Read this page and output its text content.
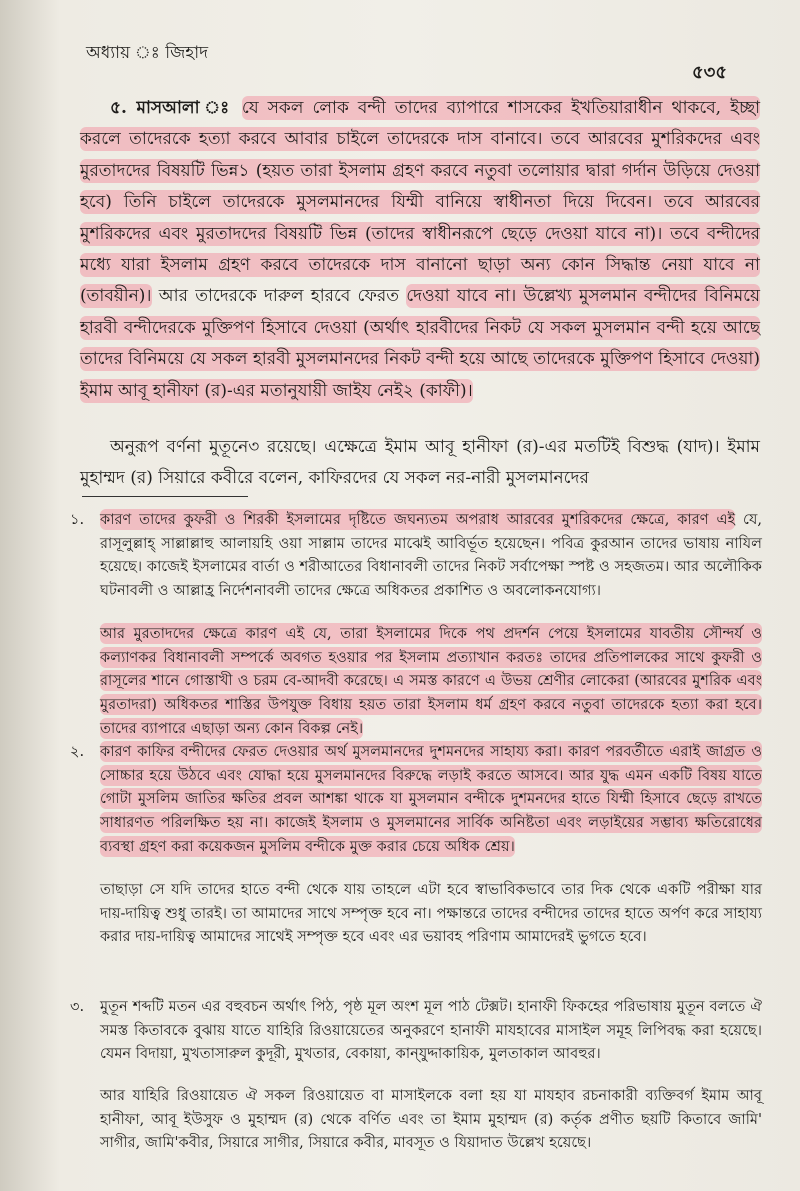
অধ্যায় ঃ জিহাদ
৫৩৫
৫. মাসআলা ঃ যে সকল লোক বন্দী তাদের ব্যাপারে শাসকের ইখতিয়ারাধীন থাকবে, ইচ্ছা করলে তাদেরকে হত্যা করবে আবার চাইলে তাদেরকে দাস বানাবে। তবে আরবের মুশরিকদের এবং মুরতাদদের বিষয়টি ভিন্ন১ (হয়ত তারা ইসলাম গ্রহণ করবে নতুবা তলোয়ার দ্বারা গর্দান উড়িয়ে দেওয়া হবে) তিনি চাইলে তাদেরকে মুসলমানদের যিম্মী বানিয়ে স্বাধীনতা দিয়ে দিবেন। তবে আরবের মুশরিকদের এবং মুরতাদদের বিষয়টি ভিন্ন (তাদের স্বাধীনরূপে ছেড়ে দেওয়া যাবে না)। তবে বন্দীদের মধ্যে যারা ইসলাম গ্রহণ করবে তাদেরকে দাস বানানো ছাড়া অন্য কোন সিদ্ধান্ত নেয়া যাবে না (তাবয়ীন)। আর তাদেরকে দারুল হারবে ফেরত দেওয়া যাবে না। উল্লেখ্য মুসলমান বন্দীদের বিনিময়ে হারবী বন্দীদেরকে মুক্তিপণ হিসাবে দেওয়া (অর্থাৎ হারবীদের নিকট যে সকল মুসলমান বন্দী হয়ে আছে তাদের বিনিময়ে যে সকল হারবী মুসলমানদের নিকট বন্দী হয়ে আছে তাদেরকে মুক্তিপণ হিসাবে দেওয়া) ইমাম আবূ হানীফা (র)-এর মতানুযায়ী জাইয নেই২ (কাফী)।
অনুরূপ বর্ণনা মুতূনে৩ রয়েছে। এক্ষেত্রে ইমাম আবূ হানীফা (র)-এর মতটিই বিশুদ্ধ (যাদ)। ইমাম মুহাম্মদ (র) সিয়ারে কবীরে বলেন, কাফিরদের যে সকল নর-নারী মুসলমানদের
১. কারণ তাদের কুফরী ও শিরকী ইসলামের দৃষ্টিতে জঘন্যতম অপরাধ আরবের মুশরিকদের ক্ষেত্রে, কারণ এই যে, রাসূলুল্লাহ্ সাল্লাল্লাহু আলায়হি ওয়া সাল্লাম তাদের মাঝেই আবির্ভূত হয়েছেন। পবিত্র কুরআন তাদের ভাষায় নাযিল হয়েছে। কাজেই ইসলামের বার্তা ও শরীআতের বিধানাবলী তাদের নিকট সর্বাপেক্ষা স্পষ্ট ও সহজতম। আর অলৌকিক ঘটনাবলী ও আল্লাহ্র নির্দেশনাবলী তাদের ক্ষেত্রে অধিকতর প্রকাশিত ও অবলোকনযোগ্য।
আর মুরতাদদের ক্ষেত্রে কারণ এই যে, তারা ইসলামের দিকে পথ প্রদর্শন পেয়ে ইসলামের যাবতীয় সৌন্দর্য ও কল্যাণকর বিধানাবলী সম্পর্কে অবগত হওয়ার পর ইসলাম প্রত্যাখান করতঃ তাদের প্রতিপালকের সাথে কুফরী ও রাসূলের শানে গোস্তাখী ও চরম বে-আদবী করেছে। এ সমস্ত কারণে এ উভয় শ্রেণীর লোকেরা (আরবের মুশরিক এবং মুরতাদরা) অধিকতর শাস্তির উপযুক্ত বিধায় হয়ত তারা ইসলাম ধর্ম গ্রহণ করবে নতুবা তাদেরকে হত্যা করা হবে। তাদের ব্যাপারে এছাড়া অন্য কোন বিকল্প নেই।
২. কারণ কাফির বন্দীদের ফেরত দেওয়ার অর্থ মুসলমানদের দুশমনদের সাহায্য করা। কারণ পরবর্তীতে এরাই জাগ্রত ও সোচ্চার হয়ে উঠবে এবং যোদ্ধা হয়ে মুসলমানদের বিরুদ্ধে লড়াই করতে আসবে। আর যুদ্ধ এমন একটি বিষয় যাতে গোটা মুসলিম জাতির ক্ষতির প্রবল আশঙ্কা থাকে যা মুসলমান বন্দীকে দুশমনদের হাতে যিম্মী হিসাবে ছেড়ে রাখতে সাধারণত পরিলক্ষিত হয় না। কাজেই ইসলাম ও মুসলমানের সার্বিক অনিষ্টতা এবং লড়াইয়ের সম্ভাব্য ক্ষতিরোধের ব্যবস্থা গ্রহণ করা কয়েকজন মুসলিম বন্দীকে মুক্ত করার চেয়ে অধিক শ্রেয়।
তাছাড়া সে যদি তাদের হাতে বন্দী থেকে যায় তাহলে এটা হবে স্বাভাবিকভাবে তার দিক থেকে একটি পরীক্ষা যার দায়-দায়িত্ব শুধু তারই। তা আমাদের সাথে সম্পৃক্ত হবে না। পক্ষান্তরে তাদের বন্দীদের তাদের হাতে অর্পণ করে সাহায্য করার দায়-দায়িত্ব আমাদের সাথেই সম্পৃক্ত হবে এবং এর ভয়াবহ পরিণাম আমাদেরই ভুগতে হবে।
৩. মুতূন শব্দটি মতন এর বহুবচন অর্থাৎ পিঠ, পৃষ্ঠ মূল অংশ মূল পাঠ টেক্সট। হানাফী ফিকহের পরিভাষায় মুতূন বলতে ঐ সমস্ত কিতাবকে বুঝায় যাতে যাহিরি রিওয়ায়েতের অনুকরণে হানাফী মাযহাবের মাসাইল সমূহ লিপিবদ্ধ করা হয়েছে। যেমন বিদায়া, মুখতাসারুল কুদূরী, মুখতার, বেকায়া, কান্‌যুদ্দাকায়িক, মুলতাকাল আবহুর।
আর যাহিরি রিওয়ায়েত ঐ সকল রিওয়ায়েত বা মাসাইলকে বলা হয় যা মাযহাব রচনাকারী ব্যক্তিবর্গ ইমাম আবূ হানীফা, আবূ ইউসুফ ও মুহাম্মদ (র) থেকে বর্ণিত এবং তা ইমাম মুহাম্মদ (র) কর্তৃক প্রণীত ছয়টি কিতাবে জামি' সাগীর, জামি'কবীর, সিয়ারে সাগীর, সিয়ারে কবীর, মাবসূত ও যিয়াদাত উল্লেখ হয়েছে।
